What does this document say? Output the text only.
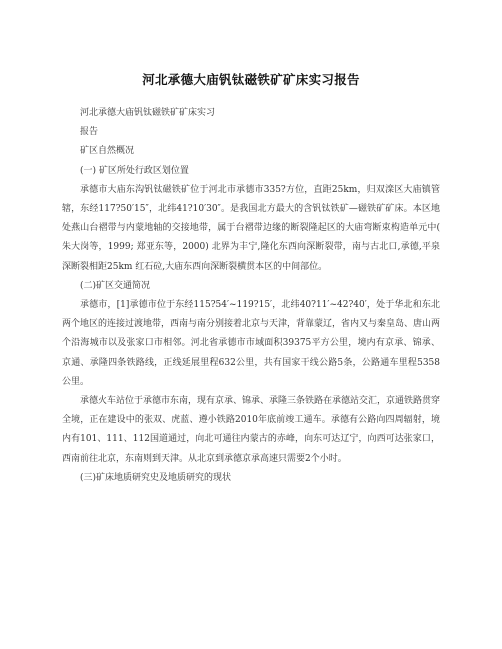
河北承德大庙钒钛磁铁矿矿床实习报告

河北承德大庙钒钛磁铁矿矿床实习

报告

矿区自然概况

(一) 矿区所处行政区划位置

承德市大庙东沟钒钛磁铁矿位于河北市承德市335?方位，直距25km，归双滦区大庙镇管辖，东经117?50′15″，北纬41?10′30″。是我国北方最大的含钒钛铁矿—磁铁矿矿床。本区地处燕山台褶带与内蒙地轴的交接地带，属于台褶带边缘的断裂隆起区的大庙弯断束构造单元中( 朱大岗等，1999; 郑亚东等，2000) 北界为丰宁,隆化东西向深断裂带，南与古北口,承德,平泉深断裂相距25km 红石砬,大庙东西向深断裂横贯本区的中间部位。

(二)矿区交通简况

承德市，[1]承德市位于东经115?54′~119?15′，北纬40?11′~42?40′，处于华北和东北两个地区的连接过渡地带，西南与南分别接着北京与天津，背靠蒙辽，省内又与秦皇岛、唐山两个沿海城市以及张家口市相邻。河北省承德市市域面积39375平方公里，境内有京承、锦承、京通、承隆四条铁路线，正线延展里程632公里，共有国家干线公路5条，公路通车里程5358公里。

承德火车站位于承德市东南，现有京承、锦承、承隆三条铁路在承德站交汇，京通铁路贯穿全境，正在建设中的张双、虎蓝、遵小铁路2010年底前竣工通车。承德有公路向四周辐射，境内有101、111、112国道通过，向北可通往内蒙古的赤峰，向东可达辽宁，向西可达张家口，西南前往北京，东南则到天津。从北京到承德京承高速只需要2个小时。

(三)矿床地质研究史及地质研究的现状
